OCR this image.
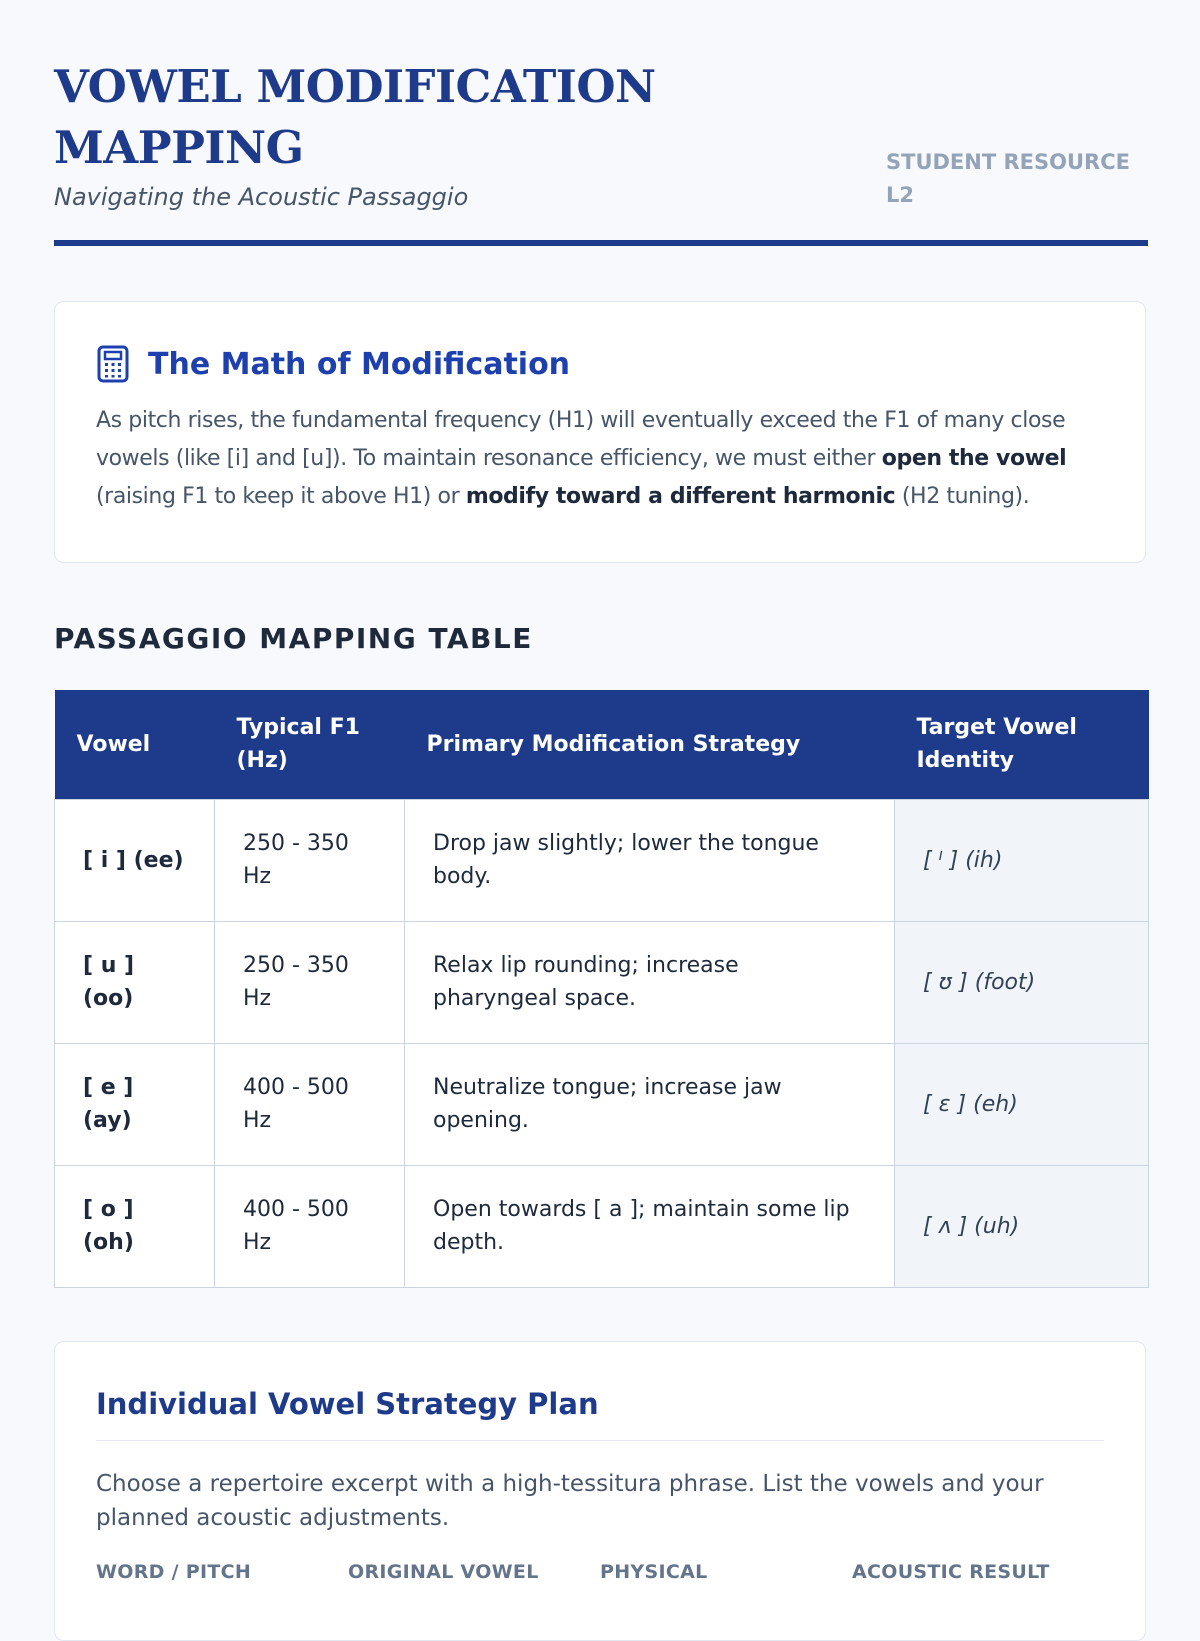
VOWEL MODIFICATION MAPPING
Navigating the Acoustic Passaggio
STUDENT RESOURCE L2
The Math of Modification
As pitch rises, the fundamental frequency (H1) will eventually exceed the F1 of many close vowels (like [i] and [u]). To maintain resonance efficiency, we must either open the vowel (raising F1 to keep it above H1) or modify toward a different harmonic (H2 tuning).
PASSAGGIO MAPPING TABLE
Vowel	Typical F1 (Hz)	Primary Modification Strategy	Target Vowel Identity
[ i ] (ee)	250 - 350 Hz	Drop jaw slightly; lower the tongue body.	[ ᴵ ] (ih)
[ u ] (oo)	250 - 350 Hz	Relax lip rounding; increase pharyngeal space.	[ ʊ ] (foot)
[ e ] (ay)	400 - 500 Hz	Neutralize tongue; increase jaw opening.	[ ɛ ] (eh)
[ o ] (oh)	400 - 500 Hz	Open towards [ a ]; maintain some lip depth.	[ ʌ ] (uh)
Individual Vowel Strategy Plan
Choose a repertoire excerpt with a high-tessitura phrase. List the vowels and your planned acoustic adjustments.
WORD / PITCH	ORIGINAL VOWEL	PHYSICAL	ACOUSTIC RESULT
